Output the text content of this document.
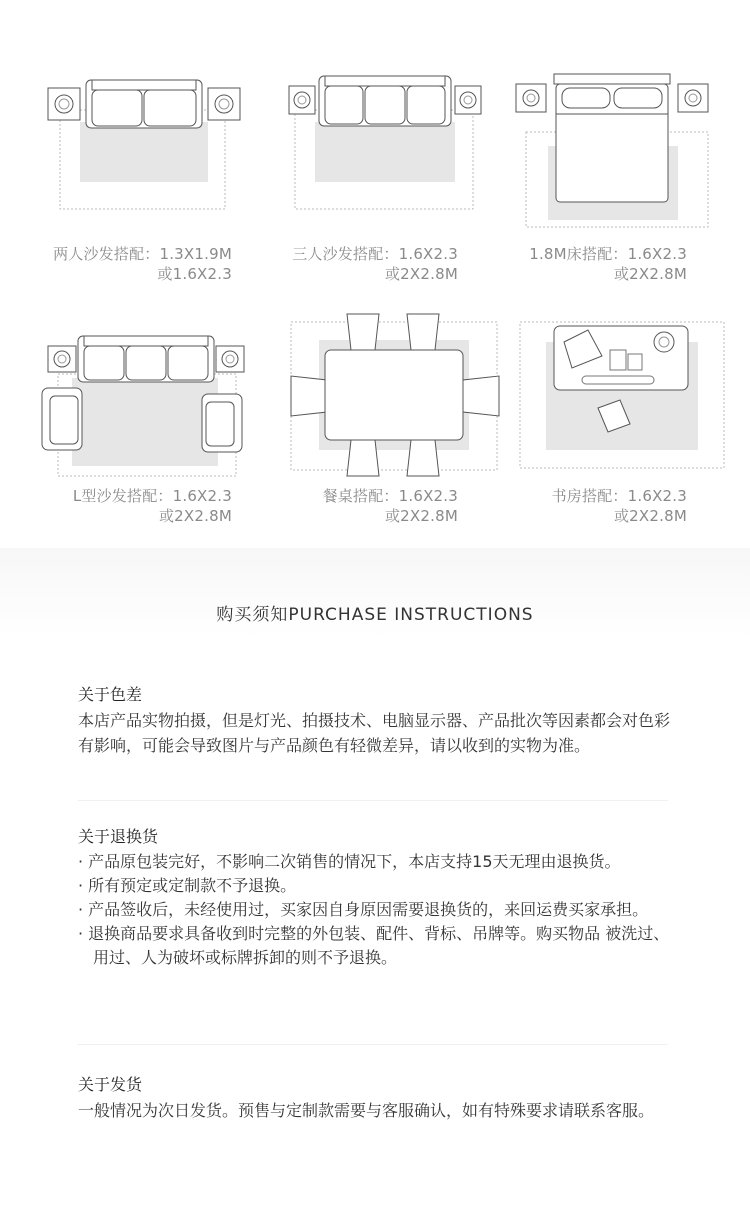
两人沙发搭配：1.3X1.9M
或1.6X2.3
三人沙发搭配：1.6X2.3
或2X2.8M
1.8M床搭配：1.6X2.3
或2X2.8M
L型沙发搭配：1.6X2.3
或2X2.8M
餐桌搭配：1.6X2.3
或2X2.8M
书房搭配：1.6X2.3
或2X2.8M
购买须知PURCHASE INSTRUCTIONS
关于色差

本店产品实物拍摄，但是灯光、拍摄技术、电脑显示器、产品批次等因素都会对色彩有影响，可能会导致图片与产品颜色有轻微差异，请以收到的实物为准。

关于退换货
· 产品原包装完好，不影响二次销售的情况下，本店支持15天无理由退换货。
· 所有预定或定制款不予退换。
· 产品签收后，未经使用过，买家因自身原因需要退换货的，来回运费买家承担。
· 退换商品要求具备收到时完整的外包装、配件、背标、吊牌等。购买物品 被洗过、用过、人为破坏或标牌拆卸的则不予退换。
关于发货

一般情况为次日发货。预售与定制款需要与客服确认，如有特殊要求请联系客服。
